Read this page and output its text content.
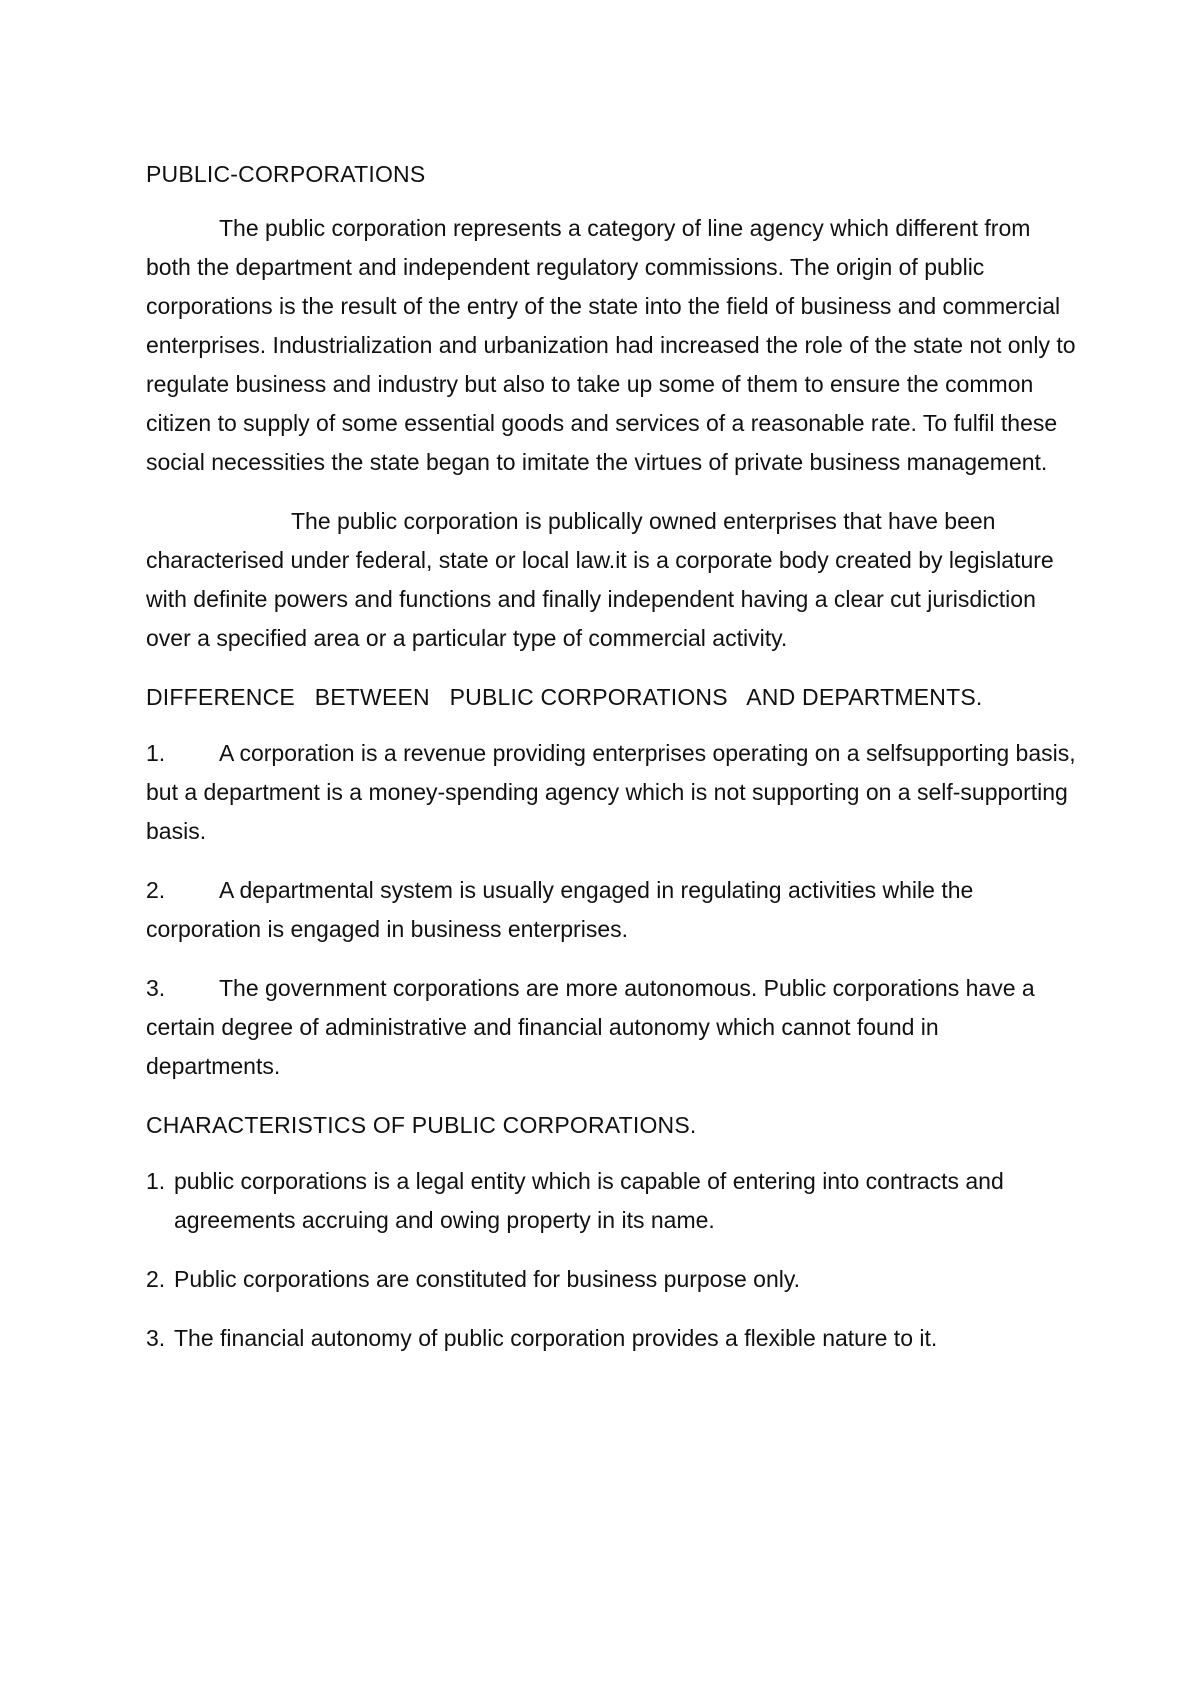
PUBLIC-CORPORATIONS

The public corporation represents a category of line agency which different from both the department and independent regulatory commissions. The origin of public corporations is the result of the entry of the state into the field of business and commercial enterprises. Industrialization and urbanization had increased the role of the state not only to regulate business and industry but also to take up some of them to ensure the common citizen to supply of some essential goods and services of a reasonable rate. To fulfil these social necessities the state began to imitate the virtues of private business management.

The public corporation is publically owned enterprises that have been characterised under federal, state or local law.it is a corporate body created by legislature with definite powers and functions and finally independent having a clear cut jurisdiction over a specified area or a particular type of commercial activity.

DIFFERENCE   BETWEEN   PUBLIC CORPORATIONS   AND DEPARTMENTS.
1. A corporation is a revenue providing enterprises operating on a selfsupporting basis, but a department is a money-spending agency which is not supporting on a self-supporting basis.
2. A departmental system is usually engaged in regulating activities while the corporation is engaged in business enterprises.
3. The government corporations are more autonomous. Public corporations have a certain degree of administrative and financial autonomy which cannot found in departments.
CHARACTERISTICS OF PUBLIC CORPORATIONS.
1. public corporations is a legal entity which is capable of entering into contracts and agreements accruing and owing property in its name.
2. Public corporations are constituted for business purpose only.
3. The financial autonomy of public corporation provides a flexible nature to it.
